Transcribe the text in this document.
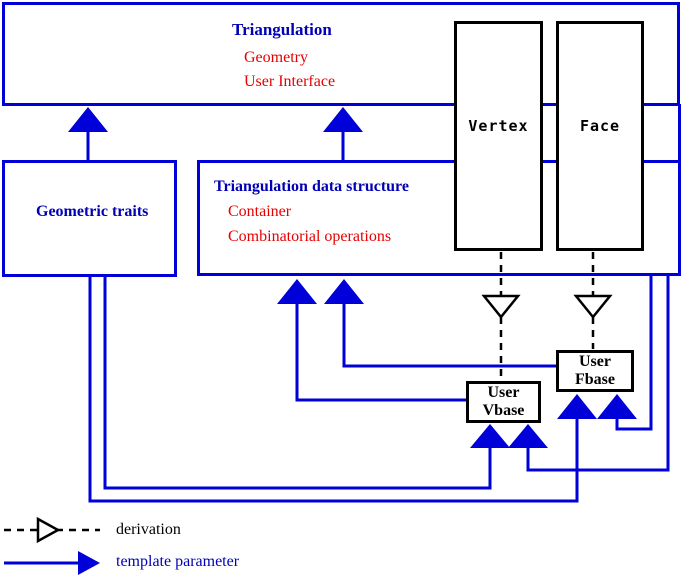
Triangulation
Geometry
User Interface
Geometric traits
Triangulation data structure
Container
Combinatorial operations
Vertex	Face
User
Vbase
User
Fbase
derivation
template parameter
